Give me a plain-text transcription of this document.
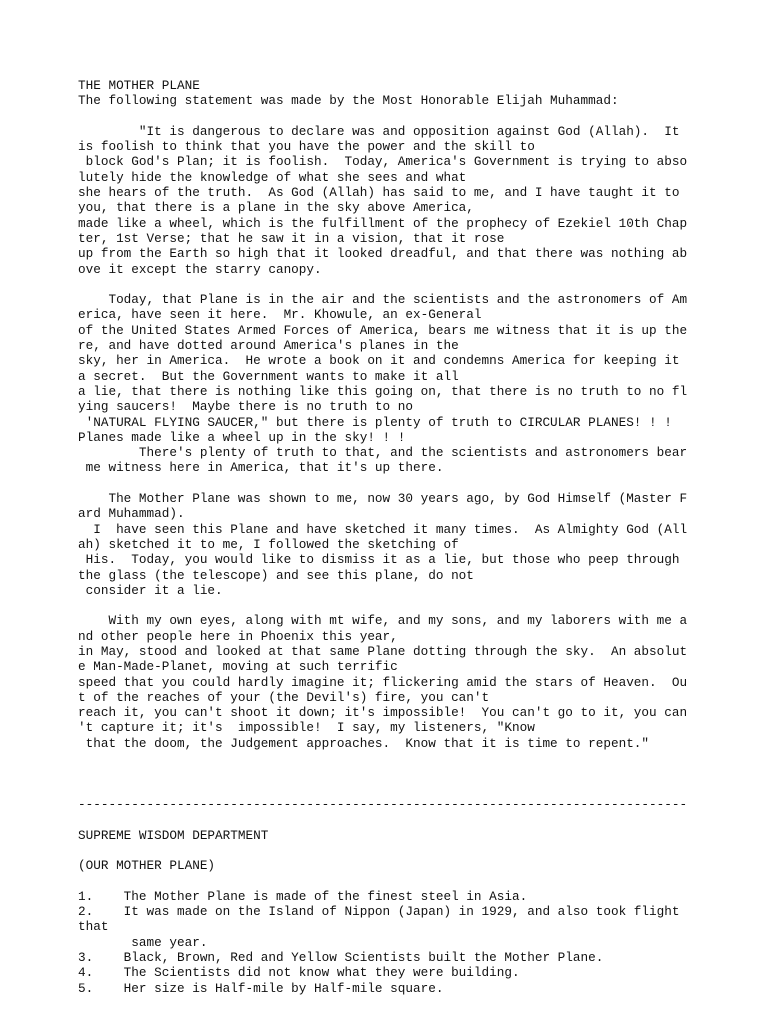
THE MOTHER PLANE
The following statement was made by the Most Honorable Elijah Muhammad:
"It is dangerous to declare was and opposition against God (Allah).  It
is foolish to think that you have the power and the skill to
block God's Plan; it is foolish.  Today, America's Government is trying to abso
lutely hide the knowledge of what she sees and what
she hears of the truth.  As God (Allah) has said to me, and I have taught it to
you, that there is a plane in the sky above America,
made like a wheel, which is the fulfillment of the prophecy of Ezekiel 10th Chap
ter, 1st Verse; that he saw it in a vision, that it rose
up from the Earth so high that it looked dreadful, and that there was nothing ab
ove it except the starry canopy.
Today, that Plane is in the air and the scientists and the astronomers of Am
erica, have seen it here.  Mr. Khowule, an ex-General
of the United States Armed Forces of America, bears me witness that it is up the
re, and have dotted around America's planes in the
sky, her in America.  He wrote a book on it and condemns America for keeping it
a secret.  But the Government wants to make it all
a lie, that there is nothing like this going on, that there is no truth to no fl
ying saucers!  Maybe there is no truth to no
'NATURAL FLYING SAUCER," but there is plenty of truth to CIRCULAR PLANES! ! !
Planes made like a wheel up in the sky! ! !
There's plenty of truth to that, and the scientists and astronomers bear
me witness here in America, that it's up there.
The Mother Plane was shown to me, now 30 years ago, by God Himself (Master F
ard Muhammad).
I  have seen this Plane and have sketched it many times.  As Almighty God (All
ah) sketched it to me, I followed the sketching of
His.  Today, you would like to dismiss it as a lie, but those who peep through
the glass (the telescope) and see this plane, do not
consider it a lie.
With my own eyes, along with mt wife, and my sons, and my laborers with me a
nd other people here in Phoenix this year,
in May, stood and looked at that same Plane dotting through the sky.  An absolut
e Man-Made-Planet, moving at such terrific
speed that you could hardly imagine it; flickering amid the stars of Heaven.  Ou
t of the reaches of your (the Devil's) fire, you can't
reach it, you can't shoot it down; it's impossible!  You can't go to it, you can
't capture it; it's  impossible!  I say, my listeners, "Know
that the doom, the Judgement approaches.  Know that it is time to repent."
--------------------------------------------------------------------------------
SUPREME WISDOM DEPARTMENT
(OUR MOTHER PLANE)
1.    The Mother Plane is made of the finest steel in Asia.
2.    It was made on the Island of Nippon (Japan) in 1929, and also took flight
that
same year.
3.    Black, Brown, Red and Yellow Scientists built the Mother Plane.
4.    The Scientists did not know what they were building.
5.    Her size is Half-mile by Half-mile square.
